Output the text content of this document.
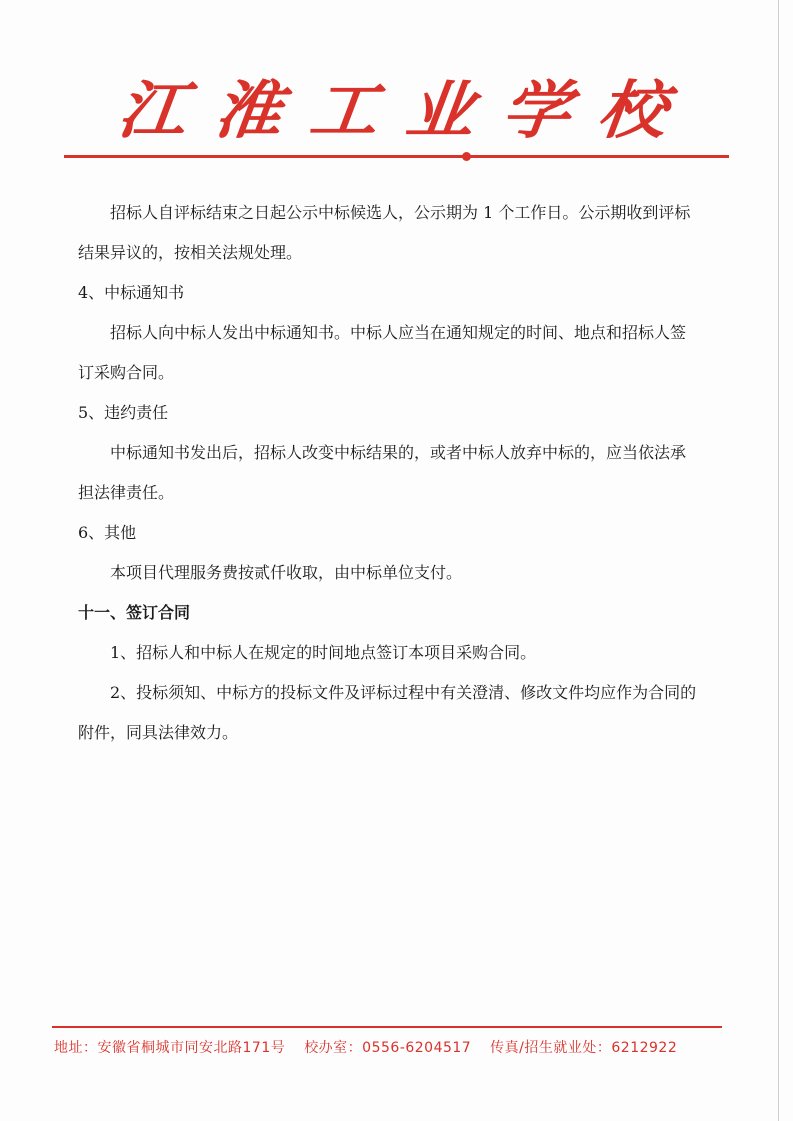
江淮工业学校

招标人自评标结束之日起公示中标候选人，公示期为 1 个工作日。公示期收到评标结果异议的，按相关法规处理。

4、中标通知书

招标人向中标人发出中标通知书。中标人应当在通知规定的时间、地点和招标人签订采购合同。

5、违约责任

中标通知书发出后，招标人改变中标结果的，或者中标人放弃中标的，应当依法承担法律责任。

6、其他

本项目代理服务费按贰仟收取，由中标单位支付。

十一、签订合同

1、招标人和中标人在规定的时间地点签订本项目采购合同。

2、投标须知、中标方的投标文件及评标过程中有关澄清、修改文件均应作为合同的附件，同具法律效力。

地址：安徽省桐城市同安北路171号 校办室：0556-6204517 传真/招生就业处：6212922
